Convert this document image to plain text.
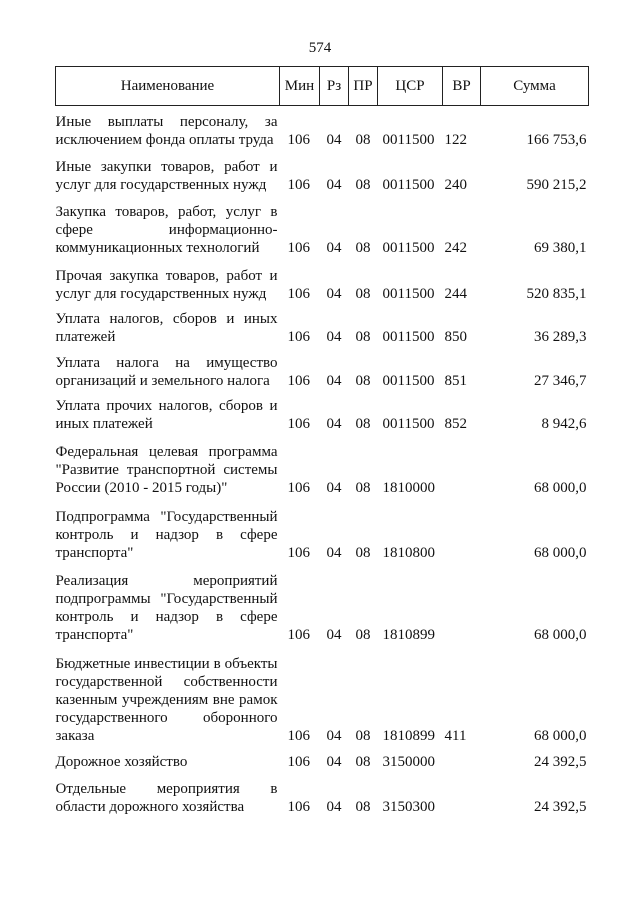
574
Наименование	Мин	Рз	ПР	ЦСР	ВР	Сумма
Иные выплаты персоналу, за исключением фонда оплаты труда	106	04	08	0011500	122	166 753,6
Иные закупки товаров, работ и услуг для государственных нужд	106	04	08	0011500	240	590 215,2
Закупка товаров, работ, услуг в сфере информационно-коммуникационных технологий	106	04	08	0011500	242	69 380,1
Прочая закупка товаров, работ и услуг для государственных нужд	106	04	08	0011500	244	520 835,1
Уплата налогов, сборов и иных платежей	106	04	08	0011500	850	36 289,3
Уплата налога на имущество организаций и земельного налога	106	04	08	0011500	851	27 346,7
Уплата прочих налогов, сборов и иных платежей	106	04	08	0011500	852	8 942,6
Федеральная целевая программа "Развитие транспортной системы России (2010 - 2015 годы)"	106	04	08	1810000		68 000,0
Подпрограмма "Государственный контроль и надзор в сфере транспорта"	106	04	08	1810800		68 000,0
Реализация мероприятий подпрограммы "Государственный контроль и надзор в сфере транспорта"	106	04	08	1810899		68 000,0
Бюджетные инвестиции в объекты государственной собственности казенным учреждениям вне рамок государственного оборонного заказа	106	04	08	1810899	411	68 000,0
Дорожное хозяйство	106	04	08	3150000		24 392,5
Отдельные мероприятия в области дорожного хозяйства	106	04	08	3150300		24 392,5
